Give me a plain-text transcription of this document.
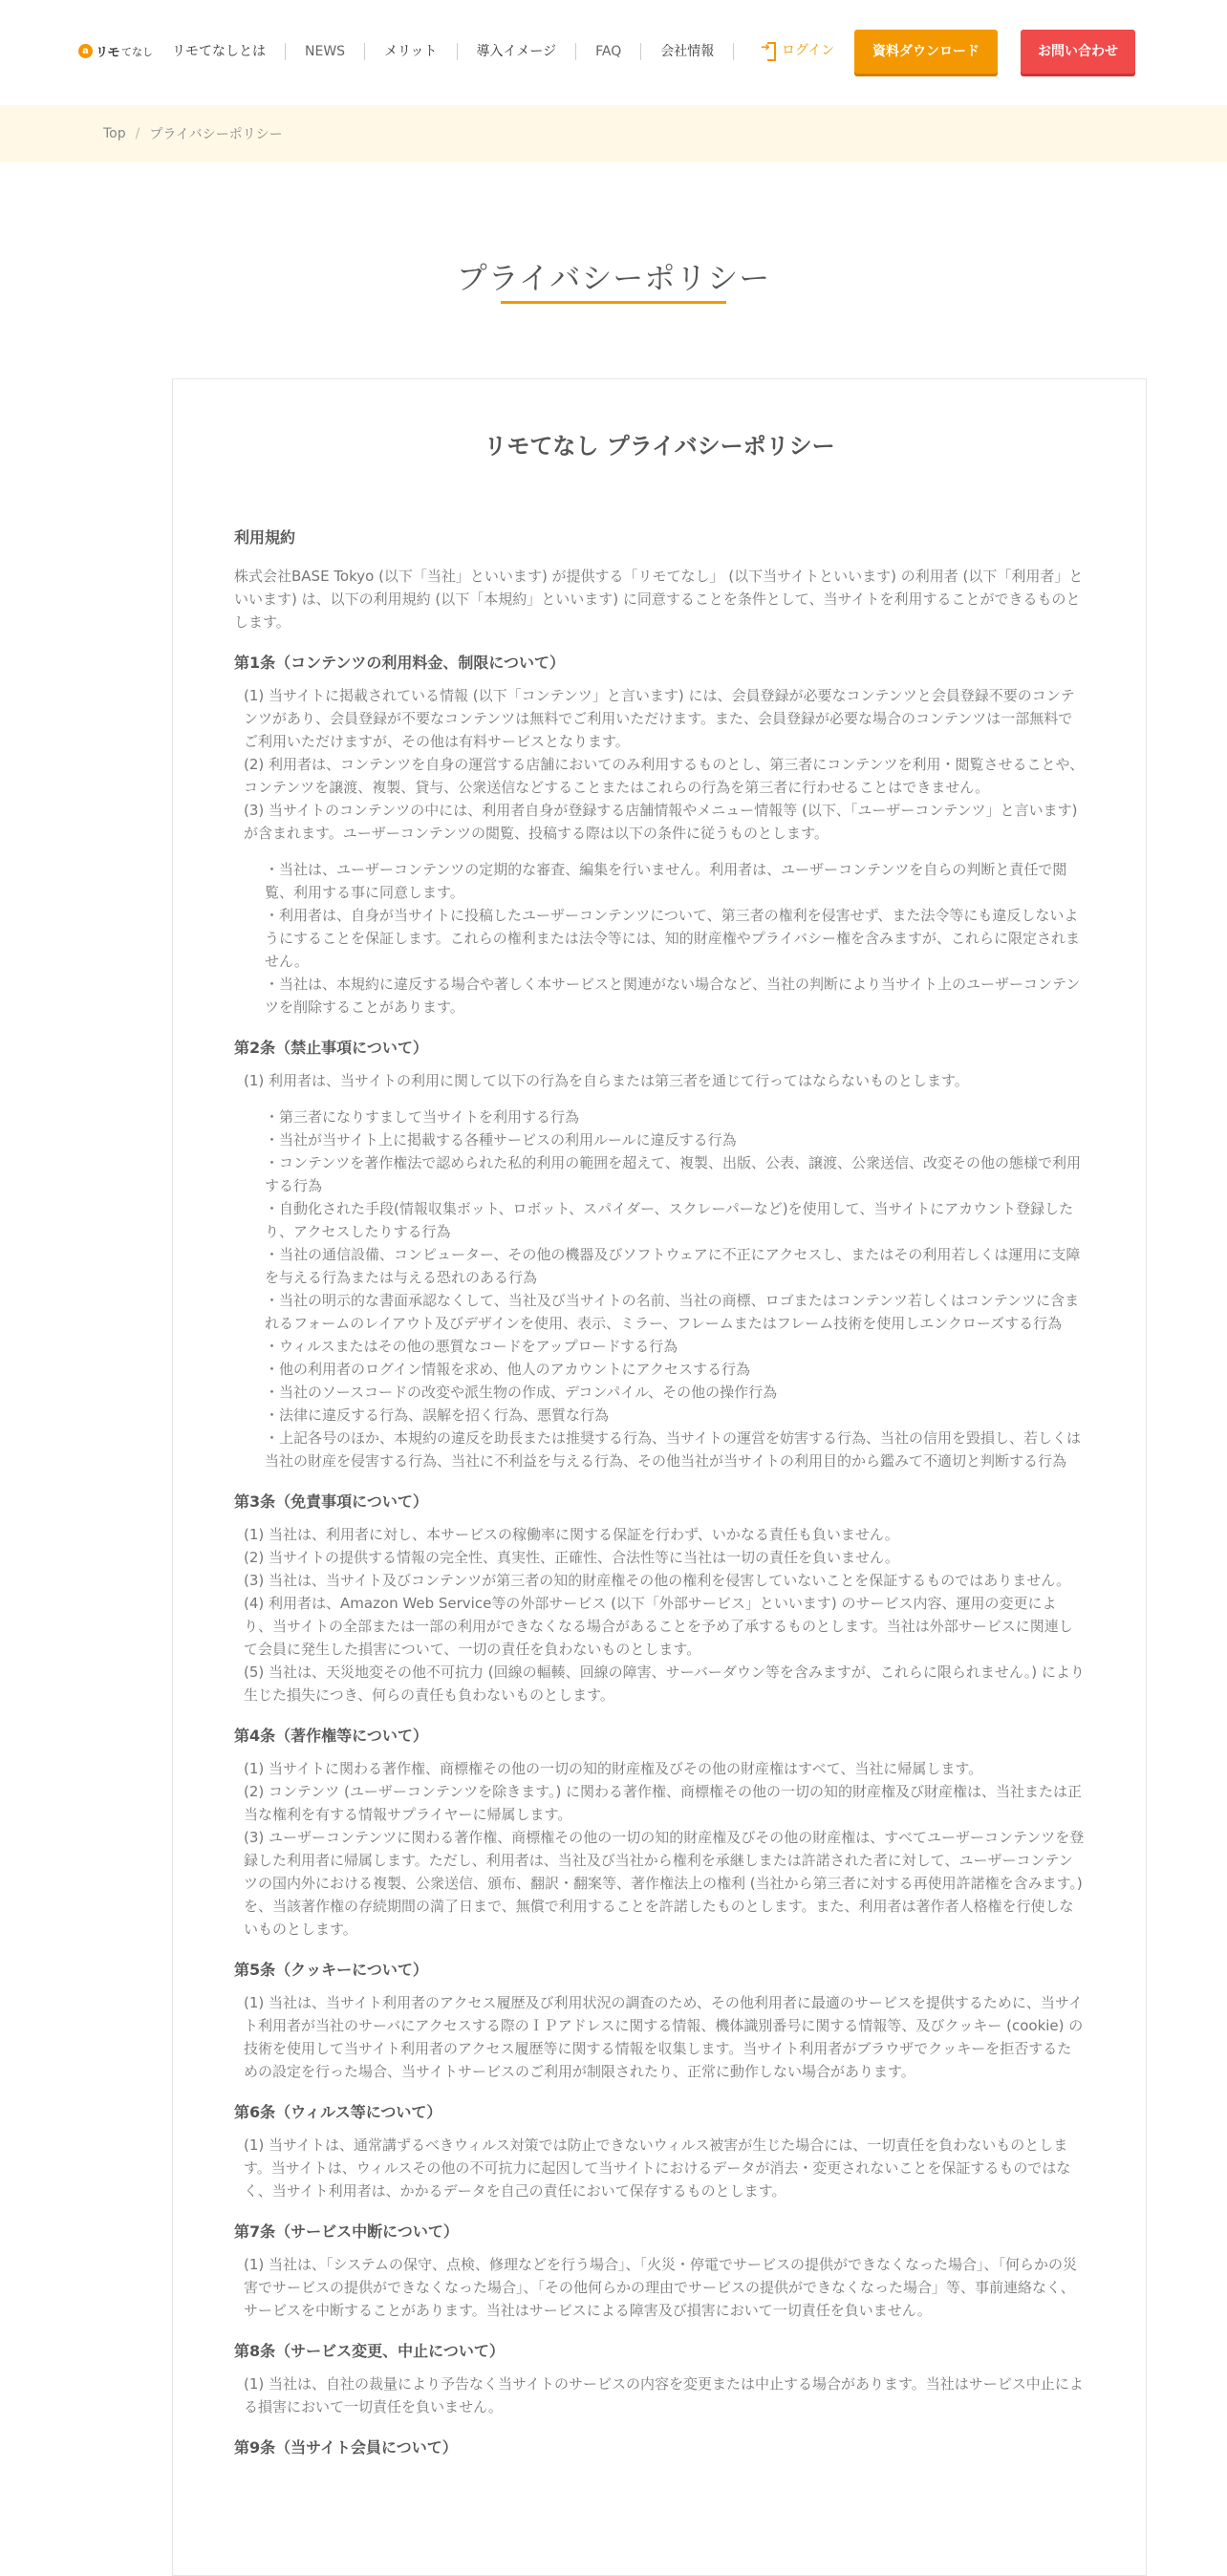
a リモ てなし	リモてなしとは	NEWS	メリット	導入イメージ	FAQ	会社情報
➜	ログイン	資料ダウンロード	お問い合わせ
Top / プライバシーポリシー
プライバシーポリシー
リモてなし プライバシーポリシー
利用規約

株式会社BASE Tokyo (以下「当社」といいます) が提供する「リモてなし」 (以下当サイトといいます) の利用者 (以下「利用者」といいます) は、以下の利用規約 (以下「本規約」といいます) に同意することを条件として、当サイトを利用することができるものとします。

第1条（コンテンツの利用料金、制限について）
(1) 当サイトに掲載されている情報 (以下「コンテンツ」と言います) には、会員登録が必要なコンテンツと会員登録不要のコンテンツがあり、会員登録が不要なコンテンツは無料でご利用いただけます。また、会員登録が必要な場合のコンテンツは一部無料でご利用いただけますが、その他は有料サービスとなります。
(2) 利用者は、コンテンツを自身の運営する店舗においてのみ利用するものとし、第三者にコンテンツを利用・閲覧させることや、コンテンツを譲渡、複製、貸与、公衆送信などすることまたはこれらの行為を第三者に行わせることはできません。
(3) 当サイトのコンテンツの中には、利用者自身が登録する店舗情報やメニュー情報等 (以下、「ユーザーコンテンツ」と言います) が含まれます。ユーザーコンテンツの閲覧、投稿する際は以下の条件に従うものとします。
・当社は、ユーザーコンテンツの定期的な審査、編集を行いません。利用者は、ユーザーコンテンツを自らの判断と責任で閲覧、利用する事に同意します。
・利用者は、自身が当サイトに投稿したユーザーコンテンツについて、第三者の権利を侵害せず、また法令等にも違反しないようにすることを保証します。これらの権利または法令等には、知的財産権やプライバシー権を含みますが、これらに限定されません。
・当社は、本規約に違反する場合や著しく本サービスと関連がない場合など、当社の判断により当サイト上のユーザーコンテンツを削除することがあります。
第2条（禁止事項について）
(1) 利用者は、当サイトの利用に関して以下の行為を自らまたは第三者を通じて行ってはならないものとします。
・第三者になりすまして当サイトを利用する行為
・当社が当サイト上に掲載する各種サービスの利用ルールに違反する行為
・コンテンツを著作権法で認められた私的利用の範囲を超えて、複製、出版、公表、譲渡、公衆送信、改変その他の態様で利用する行為
・自動化された手段(情報収集ボット、ロボット、スパイダー、スクレーパーなど)を使用して、当サイトにアカウント登録したり、アクセスしたりする行為
・当社の通信設備、コンピューター、その他の機器及びソフトウェアに不正にアクセスし、またはその利用若しくは運用に支障を与える行為または与える恐れのある行為
・当社の明示的な書面承認なくして、当社及び当サイトの名前、当社の商標、ロゴまたはコンテンツ若しくはコンテンツに含まれるフォームのレイアウト及びデザインを使用、表示、ミラー、フレームまたはフレーム技術を使用しエンクローズする行為
・ウィルスまたはその他の悪質なコードをアップロードする行為
・他の利用者のログイン情報を求め、他人のアカウントにアクセスする行為
・当社のソースコードの改変や派生物の作成、デコンパイル、その他の操作行為
・法律に違反する行為、誤解を招く行為、悪質な行為
・上記各号のほか、本規約の違反を助長または推奨する行為、当サイトの運営を妨害する行為、当社の信用を毀損し、若しくは当社の財産を侵害する行為、当社に不利益を与える行為、その他当社が当サイトの利用目的から鑑みて不適切と判断する行為
第3条（免責事項について）
(1) 当社は、利用者に対し、本サービスの稼働率に関する保証を行わず、いかなる責任も負いません。
(2) 当サイトの提供する情報の完全性、真実性、正確性、合法性等に当社は一切の責任を負いません。
(3) 当社は、当サイト及びコンテンツが第三者の知的財産権その他の権利を侵害していないことを保証するものではありません。
(4) 利用者は、Amazon Web Service等の外部サービス (以下「外部サービス」といいます) のサービス内容、運用の変更により、当サイトの全部または一部の利用ができなくなる場合があることを予め了承するものとします。当社は外部サービスに関連して会員に発生した損害について、一切の責任を負わないものとします。
(5) 当社は、天災地変その他不可抗力 (回線の輻輳、回線の障害、サーバーダウン等を含みますが、これらに限られません。) により生じた損失につき、何らの責任も負わないものとします。
第4条（著作権等について）
(1) 当サイトに関わる著作権、商標権その他の一切の知的財産権及びその他の財産権はすべて、当社に帰属します。
(2) コンテンツ (ユーザーコンテンツを除きます。) に関わる著作権、商標権その他の一切の知的財産権及び財産権は、当社または正当な権利を有する情報サプライヤーに帰属します。
(3) ユーザーコンテンツに関わる著作権、商標権その他の一切の知的財産権及びその他の財産権は、すべてユーザーコンテンツを登録した利用者に帰属します。ただし、利用者は、当社及び当社から権利を承継しまたは許諾された者に対して、ユーザーコンテンツの国内外における複製、公衆送信、頒布、翻訳・翻案等、著作権法上の権利 (当社から第三者に対する再使用許諾権を含みます。) を、当該著作権の存続期間の満了日まで、無償で利用することを許諾したものとします。また、利用者は著作者人格権を行使しないものとします。
第5条（クッキーについて）
(1) 当社は、当サイト利用者のアクセス履歴及び利用状況の調査のため、その他利用者に最適のサービスを提供するために、当サイト利用者が当社のサーバにアクセスする際のＩＰアドレスに関する情報、機体識別番号に関する情報等、及びクッキー (cookie) の技術を使用して当サイト利用者のアクセス履歴等に関する情報を収集します。当サイト利用者がブラウザでクッキーを拒否するための設定を行った場合、当サイトサービスのご利用が制限されたり、正常に動作しない場合があります。
第6条（ウィルス等について）
(1) 当サイトは、通常講ずるべきウィルス対策では防止できないウィルス被害が生じた場合には、一切責任を負わないものとします。当サイトは、ウィルスその他の不可抗力に起因して当サイトにおけるデータが消去・変更されないことを保証するものではなく、当サイト利用者は、かかるデータを自己の責任において保存するものとします。
第7条（サービス中断について）
(1) 当社は、「システムの保守、点検、修理などを行う場合」、「火災・停電でサービスの提供ができなくなった場合」、「何らかの災害でサービスの提供ができなくなった場合」、「その他何らかの理由でサービスの提供ができなくなった場合」等、事前連絡なく、サービスを中断することがあります。当社はサービスによる障害及び損害において一切責任を負いません。
第8条（サービス変更、中止について）
(1) 当社は、自社の裁量により予告なく当サイトのサービスの内容を変更または中止する場合があります。当社はサービス中止による損害において一切責任を負いません。
第9条（当サイト会員について）
